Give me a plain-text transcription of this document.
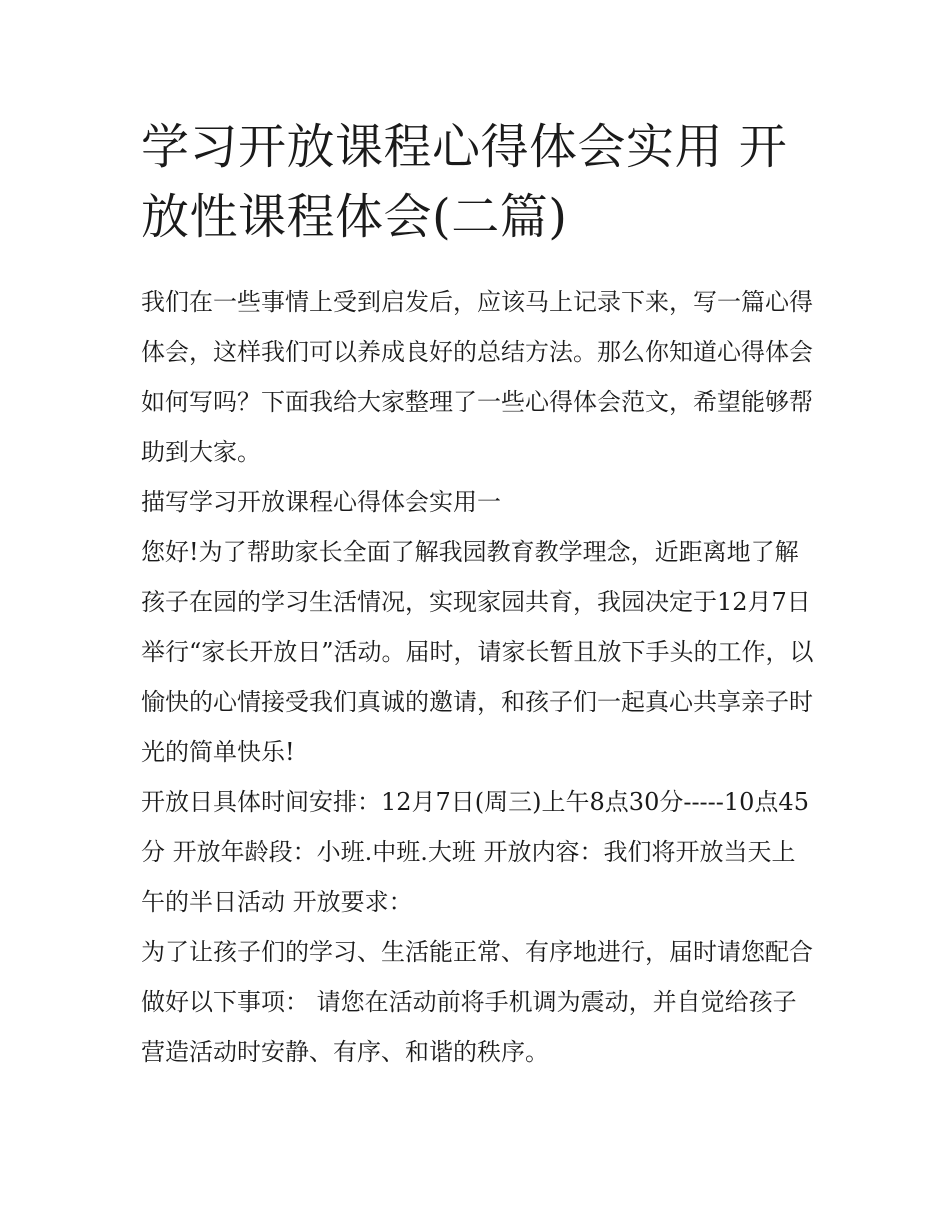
学习开放课程心得体会实用 开放性课程体会(二篇)

我们在一些事情上受到启发后，应该马上记录下来，写一篇心得体会，这样我们可以养成良好的总结方法。那么你知道心得体会如何写吗？下面我给大家整理了一些心得体会范文，希望能够帮助到大家。

描写学习开放课程心得体会实用一

您好!为了帮助家长全面了解我园教育教学理念，近距离地了解孩子在园的学习生活情况，实现家园共育，我园决定于12月7日举行“家长开放日”活动。届时，请家长暂且放下手头的工作，以愉快的心情接受我们真诚的邀请，和孩子们一起真心共享亲子时光的简单快乐!

开放日具体时间安排：12月7日(周三)上午8点30分-----10点45分 开放年龄段：小班.中班.大班 开放内容：我们将开放当天上午的半日活动 开放要求：

为了让孩子们的学习、生活能正常、有序地进行，届时请您配合做好以下事项： 请您在活动前将手机调为震动，并自觉给孩子营造活动时安静、有序、和谐的秩序。
